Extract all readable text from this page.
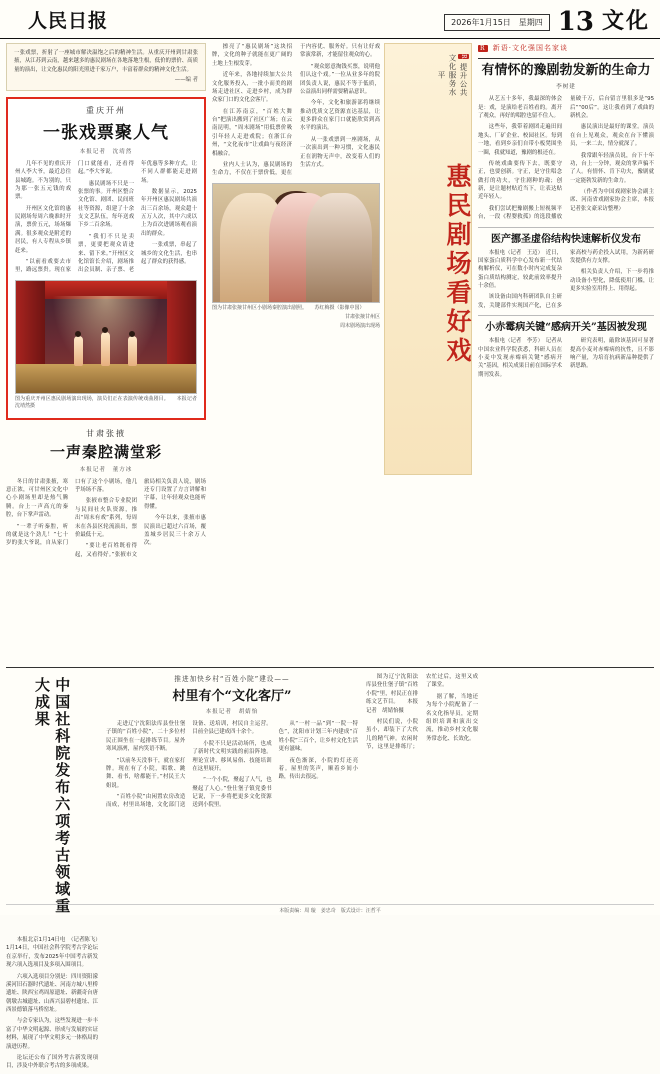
人民日报	2026年1月15日　星期四 13 文化
一张戏票，折射了一座城市解决温饱之后的精神生活。从重庆开州到甘肃张掖，从江苏到云南，越来越多的惠民剧场在各地落地生根，低价的票价、高质量的演出，让文化惠民的阳光照进千家万户，丰富着群众的精神文化生活。
——编 者
重庆开州
一张戏票聚人气
本报记者　沈靖然

几年不见的重庆开州人李大爷，最近总往县城跑。不为别的，只为那一张五元钱的戏票。

开州区文化馆的惠民剧场每周六晚准时开演，票价五元，场场爆满。很多观众是附近的居民，有人专程从乡镇赶来。

“以前看戏要去市里，路远票贵。现在家门口就能看，还看得起。”李大爷说。

惠民剧场不只是一张票的事。开州区整合文化馆、剧团、民间班社等资源，组建了十余支文艺队伍，每年送戏下乡二百余场。

“我们不只是卖票，更要把观众请进来、留下来。”开州区文化馆馆长介绍，剧场推出会员制、亲子票、老年优惠等多种方式，让不同人群都能走进剧场。

数据显示，2025年开州区惠民剧场共演出三百余场，观众超十五万人次，其中六成以上为首次进剧场观看演出的群众。

一张戏票，串起了城乡的文化生活，也串起了群众的获得感。

图为重庆开州区惠民剧场演出现场，演员们正在表演传统戏曲剧目。　　本报记者　沈靖然摄
甘肃张掖
一声秦腔满堂彩
本报记者　董方冰

冬日的甘肃张掖，寒意正浓，可甘州区文化中心小剧场里却是热气腾腾。台上一声高亢的秦腔，台下掌声雷动。

“一辈子听秦腔，听的就是这个劲儿！”七十岁的张大爷说，自从家门口有了这个小剧场，他几乎场场不落。

张掖市整合专业院团与民间社火队资源，推出“周末有戏”系列，每周末在各县区轮流演出，票价最低十元。

“要让老百姓既看得起，又看得好。”张掖市文旅局相关负责人说，剧场还专门设置了方言讲解和字幕，让年轻观众也能听得懂。

今年以来，张掖市惠民演出已超过六百场，覆盖城乡居民三十余万人次。

R 提升公共文化服务水平
惠民剧场看好戏

擦亮了“惠民剧场”这块招牌，文化的种子就能在更广阔的土地上生根发芽。

近年来，各地持续加大公共文化服务投入，一批小而美的剧场走进社区、走进乡村，成为群众家门口的文化会客厅。

在江苏南京，“百姓大舞台”把演出搬到了社区广场；在云南昆明，“周末剧场”用低票价吸引年轻人走进戏院；在浙江台州，“文化夜市”让戏曲与夜经济相融合。

业内人士认为，惠民剧场的生命力，不仅在于票价低，更在于内容优、服务好。只有让好戏常演常新，才能留住观众的心。

“观众愿意掏钱买票，说明他们认这个戏。”一位从业多年的院团负责人说，惠民不等于低质，公益演出同样需要精品意识。

今年，文化和旅游部将继续推动优质文艺资源直达基层，让更多群众在家门口就能欣赏到高水平的演出。

从一张戏票到一座剧场，从一次演出到一种习惯，文化惠民正在润物无声中，改变着人们的生活方式。

图为甘肃张掖甘州区小剧场秦腔演出剧照。　　苏红梅摄（影像中国）
甘肃张掖甘州区
周末剧场演出现场
R 新语·文化强国名家谈
有情怀的豫剧勃发新的生命力
李树建

从艺五十多年，我最深的体会是：戏，是演给老百姓看的。离开了观众，再好的唱腔也留不住人。

这些年，我带着剧团走遍田间地头、厂矿企业、校园社区。每到一地，看到乡亲们自带小板凳围坐一圈，我就知道，豫剧的根还在。

传统戏曲要传下去，既要守正，也要创新。守正，是守住唱念做打的功夫，守住剧种的魂；创新，是让题材贴近当下，让表达贴近年轻人。

我们尝试把豫剧搬上短视频平台，一段《程婴救孤》的选段播放量破千万，后台留言里很多是“95后”“00后”。这让我看到了戏曲的新机会。

惠民演出是最好的课堂。演员在台上见观众，观众在台下懂演员，一来二去，情分就深了。

我常跟年轻演员说，台下十年功，台上一分钟，观众的掌声骗不了人。有情怀、肯下功夫，豫剧就一定能勃发新的生命力。

（作者为中国戏剧家协会副主席、河南省戏剧家协会主席，本报记者张文豪采访整理）

医产挪圣虚俗结构快速解析仪发布

本报电（记者　王迈）　近日，国家蛋白质科学中心发布新一代结构解析仪，可在数小时内完成复杂蛋白质结构测定，较此前效率提升十余倍。

该设备由国内科研团队自主研发，关键部件实现国产化，已在多家高校与药企投入试用，为新药研发提供有力支撑。

相关负责人介绍，下一步将推动设备小型化，降低使用门槛，让更多实验室用得上、用得起。

小赤霉病关键“感病开关”基因被发现

本报电（记者　李芳）　记者从中国农业科学院获悉，科研人员在小麦中发现赤霉病关键“感病开关”基因，相关成果日前在国际学术期刊发表。

研究表明，敲除该基因可显著提高小麦对赤霉病的抗性，且不影响产量，为培育抗病新品种提供了新思路。

中国社科院发布六项考古领域重大成果	推进加快乡村“百姓小院”建设——
村里有个“文化客厅”
本报记者　胡婧怡

走进辽宁沈阳法库县登仕堡子镇的“百姓小院”，二十多位村民正围坐在一起排练节目。屋外寒风凛冽，屋内笑语不断。

“以前冬天没事干，就在家打牌。现在有了小院，唱歌、跳舞、看书，啥都能干。”村民王大姐说。

“百姓小院”由闲置农房改造而成，村里出场地，文化部门送设备、送培训，村民自主运营。目前全县已建成四十余个。

小院不只是活动场所，也成了新时代文明实践的前沿阵地。理论宣讲、移风易俗、技能培训在这里展开。

“一个小院，聚起了人气，也聚起了人心。”登仕堡子镇党委书记说，下一步将把更多文化资源送到小院里。

从“一村一品”到“一院一特色”，沈阳市计划三年内建成“百姓小院”三百个，让乡村文化生活更有滋味。

夜色渐深，小院的灯还亮着。屋里的笑声，顺着乡间小路，传出去很远。

图为辽宁沈阳法库县登仕堡子镇“百姓小院”里，村民正在排练文艺节目。　　本报记者　胡婧怡摄

村民们说，小院虽小，却装下了大伙儿的精气神。农闲时节，这里是排练厅；农忙过后，这里又成了课堂。

据了解，当地还为每个小院配备了一名文化指导员，定期组织培训和演出交流，推动乡村文化服务常态化、长效化。

本报北京1月14日电　（记者陈飞）1月14日，中国社会科学院考古学论坛在京举行，发布2025年中国考古新发现六项入选项目及多项入围项目。

六项入选项目分别是：四川资阳濛溪河旧石器时代遗址、河南方城八里桥遗址、陕西宝鸡周原遗址、新疆奇台唐朝墩古城遗址、山西兴县碧村遗址、江西景德镇落马桥窑址。

与会专家认为，这些发现进一步丰富了中华文明起源、形成与发展的实证材料，展现了中华文明多元一体格局的演进历程。

论坛还公布了国外考古新发现项目，涉及中外联合考古的多项成果。

本版责编：周 璇　姜忠奇　版式设计：汪哲平
